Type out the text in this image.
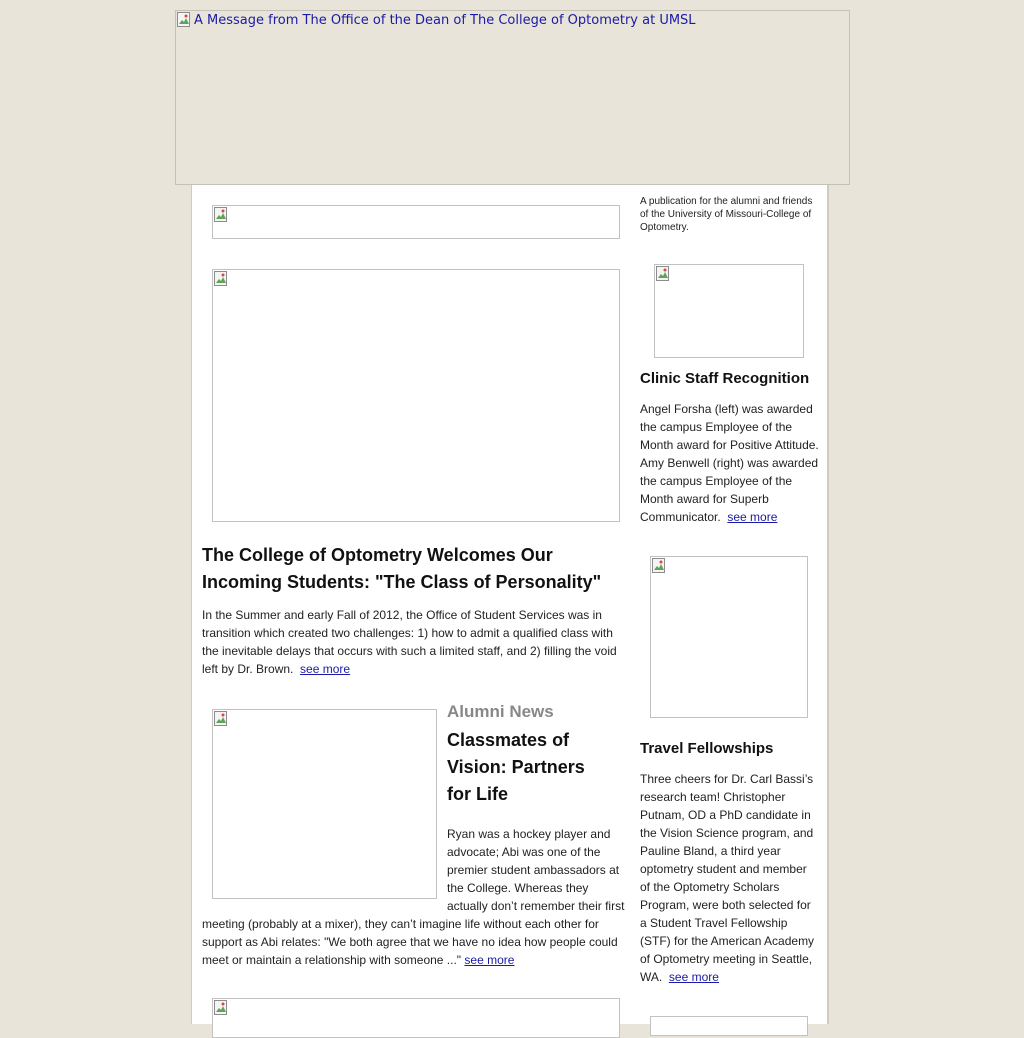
A Message from The Office of the Dean of The College of Optometry at UMSL
A publication for the alumni and friends of the University of Missouri-College of Optometry.
Clinic Staff Recognition

Angel Forsha (left) was awarded the campus Employee of the Month award for Positive Attitude. Amy Benwell (right) was awarded the campus Employee of the Month award for Superb Communicator. see more

The College of Optometry Welcomes Our Incoming Students: "The Class of Personality"

In the Summer and early Fall of 2012, the Office of Student Services was in transition which created two challenges: 1) how to admit a qualified class with the inevitable delays that occurs with such a limited staff, and 2) filling the void left by Dr. Brown. see more

Travel Fellowships

Three cheers for Dr. Carl Bassi’s research team! Christopher Putnam, OD a PhD candidate in the Vision Science program, and Pauline Bland, a third year optometry student and member of the Optometry Scholars Program, were both selected for a Student Travel Fellowship (STF) for the American Academy of Optometry meeting in Seattle, WA. see more

Alumni News
Classmates of Vision: Partners for Life
Ryan was a hockey player and advocate; Abi was one of the premier student ambassadors at the College. Whereas they actually don’t remember their first meeting (probably at a mixer), they can’t imagine life without each other for support as Abi relates: "We both agree that we have no idea how people could meet or maintain a relationship with someone ..." see more
